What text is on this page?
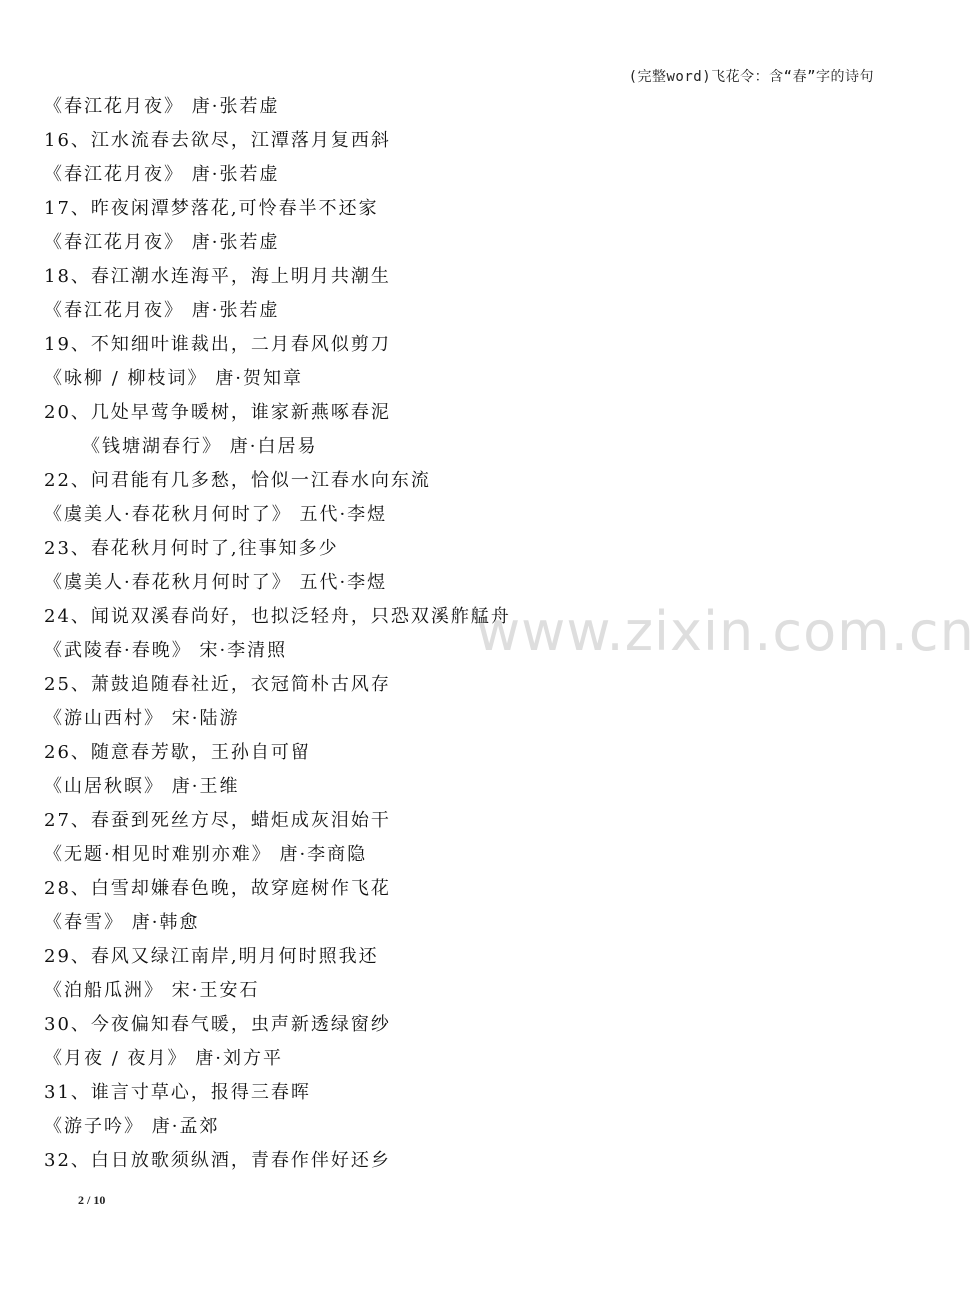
(完整word)飞花令：含“春”字的诗句
《春江花月夜》 唐·张若虚
16、江水流春去欲尽，江潭落月复西斜
《春江花月夜》 唐·张若虚
17、昨夜闲潭梦落花,可怜春半不还家
《春江花月夜》 唐·张若虚
18、春江潮水连海平，海上明月共潮生
《春江花月夜》 唐·张若虚
19、不知细叶谁裁出，二月春风似剪刀
《咏柳 / 柳枝词》 唐·贺知章
20、几处早莺争暖树，谁家新燕啄春泥
《钱塘湖春行》 唐·白居易
22、问君能有几多愁，恰似一江春水向东流
《虞美人·春花秋月何时了》 五代·李煜
23、春花秋月何时了,往事知多少
《虞美人·春花秋月何时了》 五代·李煜
24、闻说双溪春尚好，也拟泛轻舟，只恐双溪舴艋舟
《武陵春·春晚》 宋·李清照
25、萧鼓追随春社近，衣冠简朴古风存
《游山西村》 宋·陆游
26、随意春芳歇，王孙自可留
《山居秋暝》 唐·王维
27、春蚕到死丝方尽，蜡炬成灰泪始干
《无题·相见时难别亦难》 唐·李商隐
28、白雪却嫌春色晚，故穿庭树作飞花
《春雪》 唐·韩愈
29、春风又绿江南岸,明月何时照我还
《泊船瓜洲》 宋·王安石
30、今夜偏知春气暖，虫声新透绿窗纱
《月夜 / 夜月》 唐·刘方平
31、谁言寸草心，报得三春晖
《游子吟》 唐·孟郊
32、白日放歌须纵酒，青春作伴好还乡
www.zixin.com.cn
2 / 10
